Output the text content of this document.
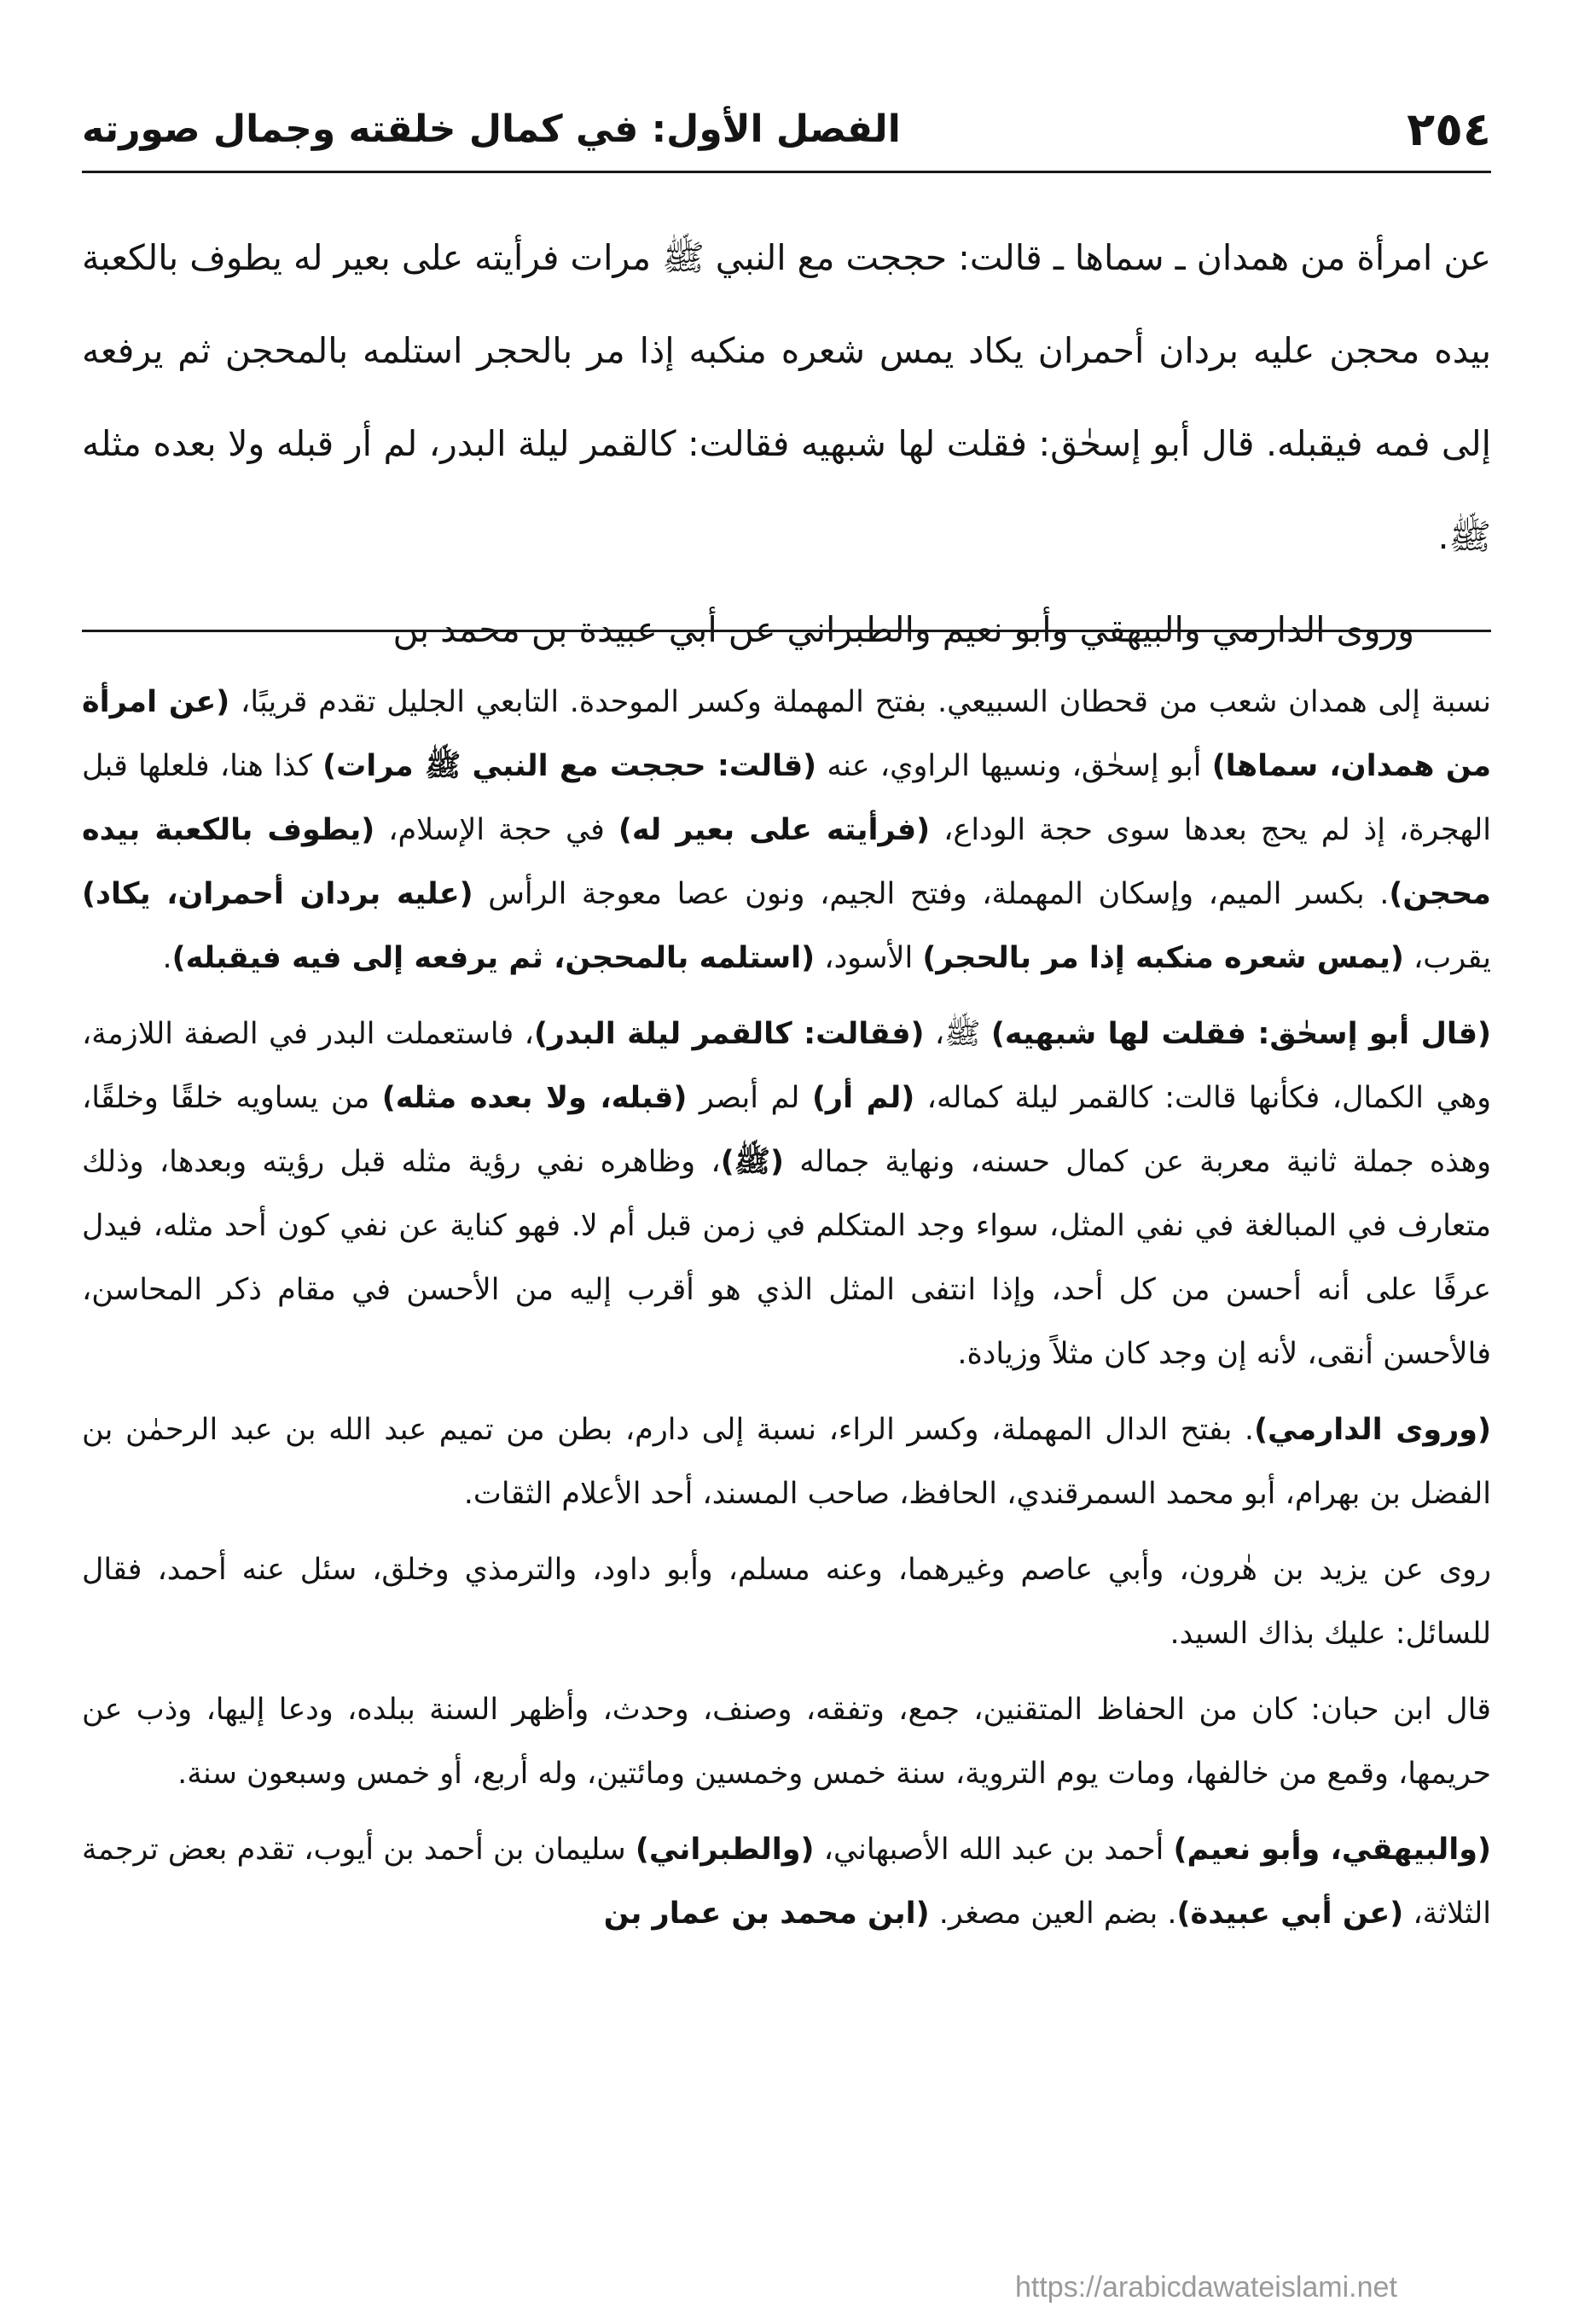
٢٥٤
الفصل الأول: في كمال خلقته وجمال صورته

عن امرأة من همدان ـ سماها ـ قالت: حججت مع النبي ﷺ مرات فرأيته على بعير له يطوف بالكعبة بيده محجن عليه بردان أحمران يكاد يمس شعره منكبه إذا مر بالحجر استلمه بالمحجن ثم يرفعه إلى فمه فيقبله. قال أبو إسحٰق: فقلت لها شبهيه فقالت: كالقمر ليلة البدر، لم أر قبله ولا بعده مثله ﷺ.

وروى الدارمي والبيهقي وأبو نعيم والطبراني عن أبي عبيدة بن محمد بن

نسبة إلى همدان شعب من قحطان السبيعي. بفتح المهملة وكسر الموحدة. التابعي الجليل تقدم قريبًا، (عن امرأة من همدان، سماها) أبو إسحٰق، ونسيها الراوي، عنه (قالت: حججت مع النبي ﷺ مرات) كذا هنا، فلعلها قبل الهجرة، إذ لم يحج بعدها سوى حجة الوداع، (فرأيته على بعير له) في حجة الإسلام، (يطوف بالكعبة بيده محجن). بكسر الميم، وإسكان المهملة، وفتح الجيم، ونون عصا معوجة الرأس (عليه بردان أحمران، يكاد) يقرب، (يمس شعره منكبه إذا مر بالحجر) الأسود، (استلمه بالمحجن، ثم يرفعه إلى فيه فيقبله).

(قال أبو إسحٰق: فقلت لها شبهيه) ﷺ، (فقالت: كالقمر ليلة البدر)، فاستعملت البدر في الصفة اللازمة، وهي الكمال، فكأنها قالت: كالقمر ليلة كماله، (لم أر) لم أبصر (قبله، ولا بعده مثله) من يساويه خلقًا وخلقًا، وهذه جملة ثانية معربة عن كمال حسنه، ونهاية جماله (ﷺ)، وظاهره نفي رؤية مثله قبل رؤيته وبعدها، وذلك متعارف في المبالغة في نفي المثل، سواء وجد المتكلم في زمن قبل أم لا. فهو كناية عن نفي كون أحد مثله، فيدل عرفًا على أنه أحسن من كل أحد، وإذا انتفى المثل الذي هو أقرب إليه من الأحسن في مقام ذكر المحاسن، فالأحسن أنقى، لأنه إن وجد كان مثلاً وزيادة.

(وروى الدارمي). بفتح الدال المهملة، وكسر الراء، نسبة إلى دارم، بطن من تميم عبد الله بن عبد الرحمٰن بن الفضل بن بهرام، أبو محمد السمرقندي، الحافظ، صاحب المسند، أحد الأعلام الثقات.

روى عن يزيد بن هٰرون، وأبي عاصم وغيرهما، وعنه مسلم، وأبو داود، والترمذي وخلق، سئل عنه أحمد، فقال للسائل: عليك بذاك السيد.

قال ابن حبان: كان من الحفاظ المتقنين، جمع، وتفقه، وصنف، وحدث، وأظهر السنة ببلده، ودعا إليها، وذب عن حريمها، وقمع من خالفها، ومات يوم التروية، سنة خمس وخمسين ومائتين، وله أربع، أو خمس وسبعون سنة.

(والبيهقي، وأبو نعيم) أحمد بن عبد الله الأصبهاني، (والطبراني) سليمان بن أحمد بن أيوب، تقدم بعض ترجمة الثلاثة، (عن أبي عبيدة). بضم العين مصغر. (ابن محمد بن عمار بن

https://arabicdawateislami.net
